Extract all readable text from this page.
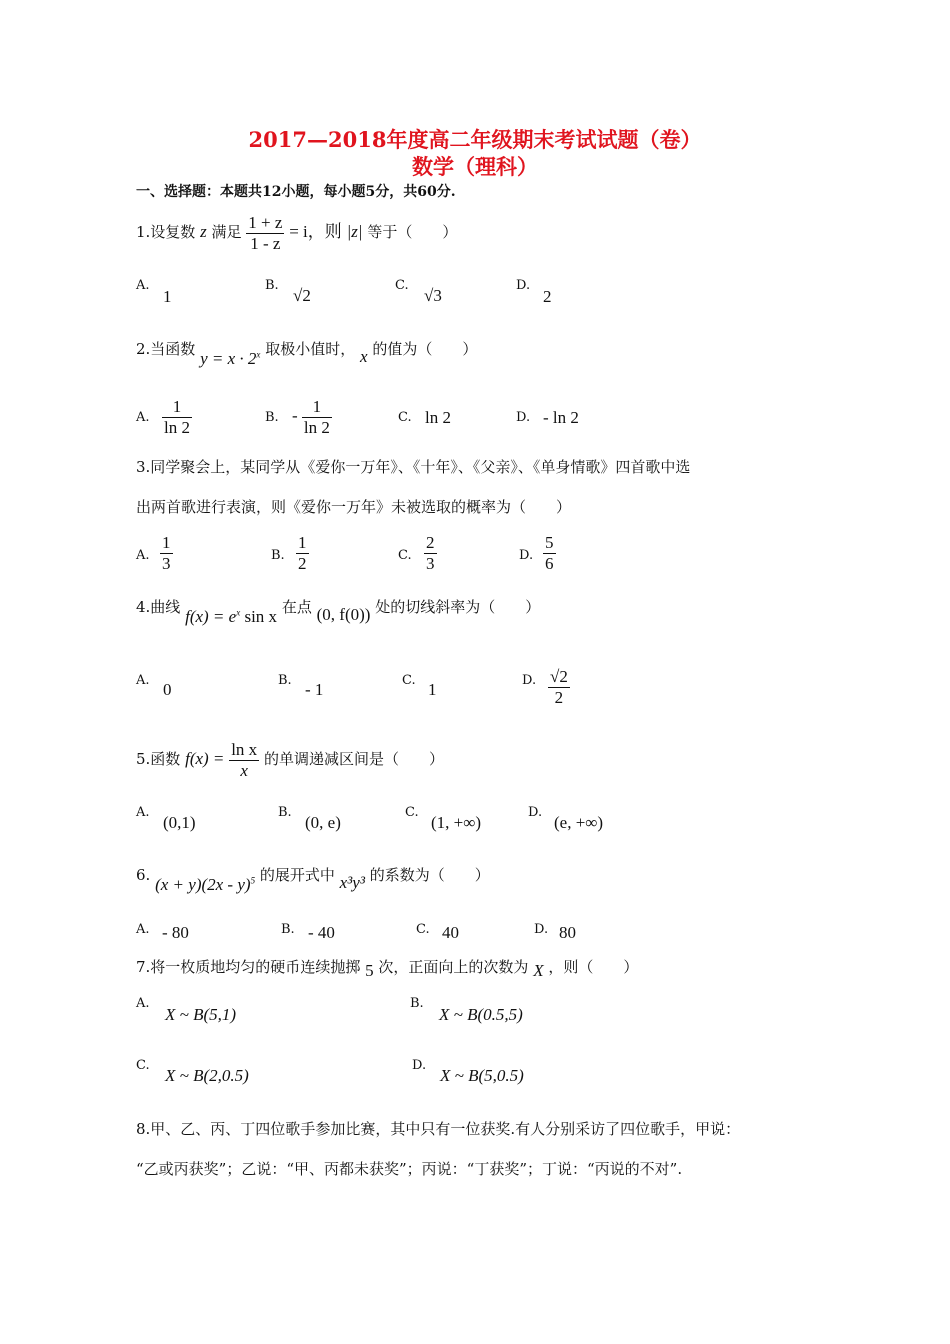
2017—2018年度高二年级期末考试试题（卷）
数学（理科）
一、选择题：本题共12小题，每小题5分，共60分.
1.设复数 z 满足 $\frac{1 + z}{1 - z} = i$，则 |z| 等于（　　）
A.
1
B.
√2
C.
√3
D.
2
2.当函数 $y = x \cdot 2^x$ 取极小值时， x 的值为（　　）
A. $\frac{1}{\ln 2}$	B. - $\frac{1}{\ln 2}$	C. ln 2	D. - ln 2
3.同学聚会上，某同学从《爱你一万年》、《十年》、《父亲》、《单身情歌》四首歌中选
出两首歌进行表演，则《爱你一万年》未被选取的概率为（　　）
A. $\frac{1}{3}$	B. $\frac{1}{2}$	C. $\frac{2}{3}$	D. $\frac{5}{6}$
4.曲线 $f(x) = e^x$ sin x 在点 (0, f(0)) 处的切线斜率为（　　）
A. 0	B. - 1	C. 1	D. $\frac{√2}{2}$
5.函数 $f(x) = \frac{\text{ln x}}{x}$ 的单调递减区间是（　　）
A.
(0,1)
B.
(0, e)
C.
(1, +∞)
D.
(e, +∞)
6. (x + y)(2x - y)$^5$ 的展开式中 x³y³ 的系数为（　　）
A. - 80	B. - 40	C. 40	D. 80
7.将一枚质地均匀的硬币连续抛掷 5 次，正面向上的次数为 X ，则（　　）
A.
X ~ B(5,1)
B.
X ~ B(0.5,5)
C.
X ~ B(2,0.5)
D.
X ~ B(5,0.5)
8.甲、乙、丙、丁四位歌手参加比赛，其中只有一位获奖.有人分别采访了四位歌手，甲说：
“乙或丙获奖”；乙说：“甲、丙都未获奖”；丙说：“丁获奖”；丁说：“丙说的不对”.
